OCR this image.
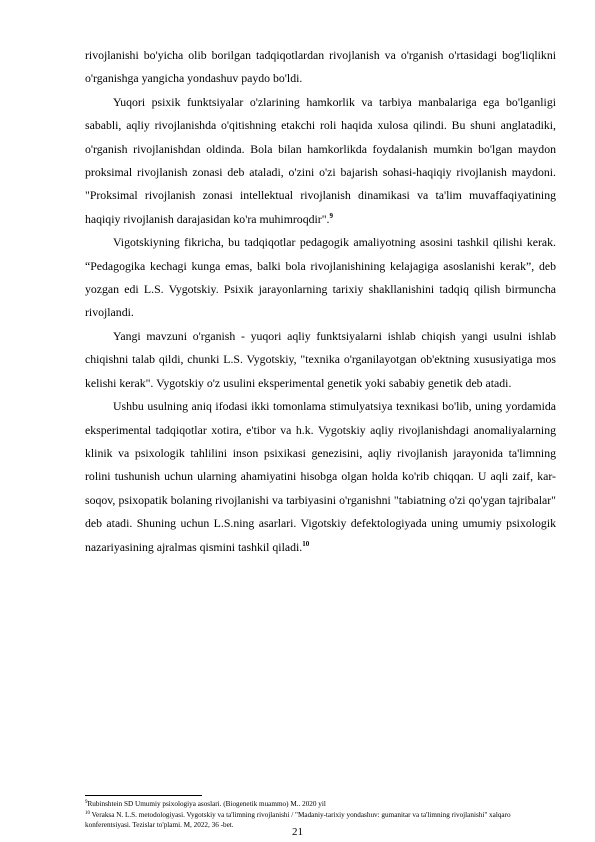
rivojlanishi bo'yicha olib borilgan tadqiqotlardan rivojlanish va o'rganish o'rtasidagi bog'liqlikni o'rganishga yangicha yondashuv paydo bo'ldi.

Yuqori psixik funktsiyalar o'zlarining hamkorlik va tarbiya manbalariga ega bo'lganligi sababli, aqliy rivojlanishda o'qitishning etakchi roli haqida xulosa qilindi. Bu shuni anglatadiki, o'rganish rivojlanishdan oldinda. Bola bilan hamkorlikda foydalanish mumkin bo'lgan maydon proksimal rivojlanish zonasi deb ataladi, o'zini o'zi bajarish sohasi-haqiqiy rivojlanish maydoni. "Proksimal rivojlanish zonasi intellektual rivojlanish dinamikasi va ta'lim muvaffaqiyatining haqiqiy rivojlanish darajasidan ko'ra muhimroqdir".$^9$

Vigotskiyning fikricha, bu tadqiqotlar pedagogik amaliyotning asosini tashkil qilishi kerak. “Pedagogika kechagi kunga emas, balki bola rivojlanishining kelajagiga asoslanishi kerak”, deb yozgan edi L.S. Vygotskiy. Psixik jarayonlarning tarixiy shakllanishini tadqiq qilish birmuncha rivojlandi.

Yangi mavzuni o'rganish - yuqori aqliy funktsiyalarni ishlab chiqish yangi usulni ishlab chiqishni talab qildi, chunki L.S. Vygotskiy, "texnika o'rganilayotgan ob'ektning xususiyatiga mos kelishi kerak". Vygotskiy o'z usulini eksperimental genetik yoki sababiy genetik deb atadi.

Ushbu usulning aniq ifodasi ikki tomonlama stimulyatsiya texnikasi bo'lib, uning yordamida eksperimental tadqiqotlar xotira, e'tibor va h.k. Vygotskiy aqliy rivojlanishdagi anomaliyalarning klinik va psixologik tahlilini inson psixikasi genezisini, aqliy rivojlanish jarayonida ta'limning rolini tushunish uchun ularning ahamiyatini hisobga olgan holda ko'rib chiqqan. U aqli zaif, kar-soqov, psixopatik bolaning rivojlanishi va tarbiyasini o'rganishni "tabiatning o'zi qo'ygan tajribalar" deb atadi. Shuning uchun L.S.ning asarlari. Vigotskiy defektologiyada uning umumiy psixologik nazariyasining ajralmas qismini tashkil qiladi.$^{10}$

$^9$Rubinshtein SD Umumiy psixologiya asoslari. (Biogenetik muammo) M.. 2020 yil

$^{10}$ Veraksa N. L.S. metodologiyasi. Vygotskiy va ta'limning rivojlanishi / "Madaniy-tarixiy yondashuv: gumanitar va ta'limning rivojlanishi" xalqaro konferentsiyasi. Tezislar to'plami. M, 2022, 36 -bet.

21
